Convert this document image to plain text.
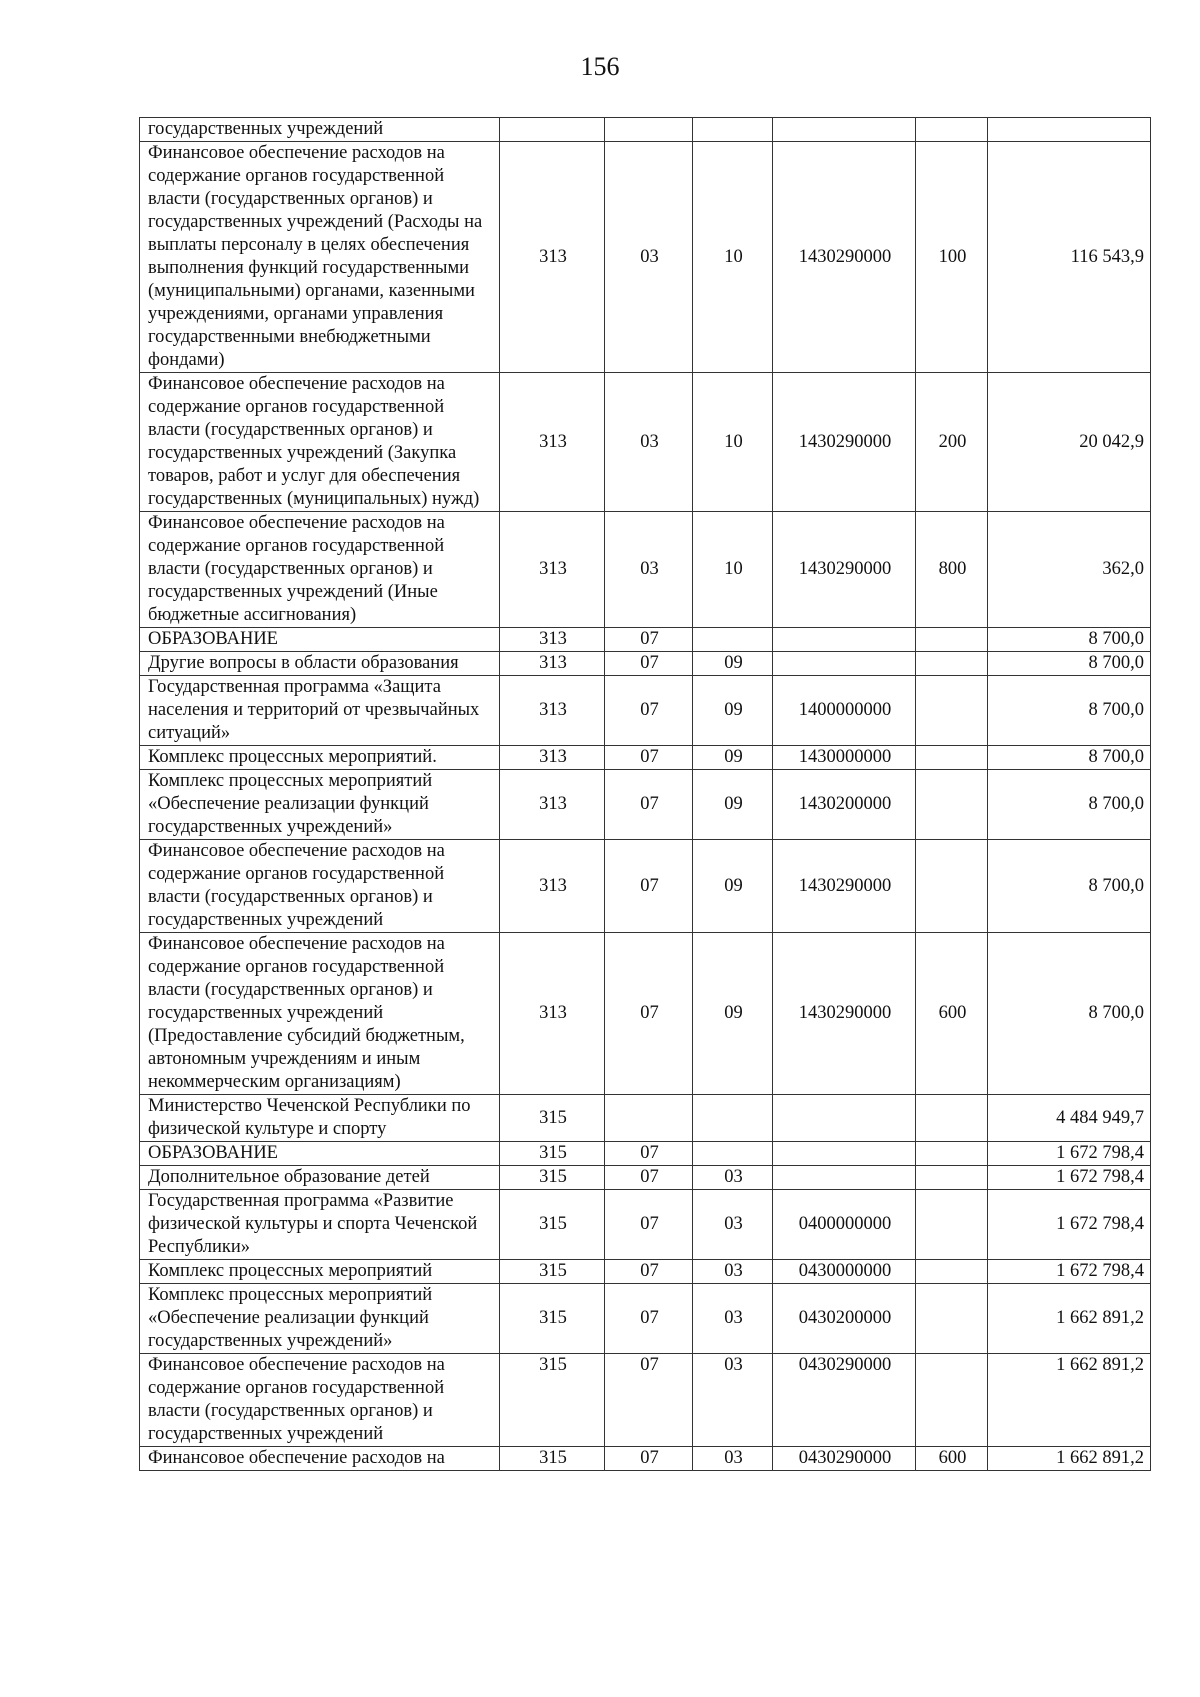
156
государственных учреждений						
Финансовое обеспечение расходов на содержание органов государственной власти (государственных органов) и государственных учреждений (Расходы на выплаты персоналу в целях обеспечения выполнения функций государственными (муниципальными) органами, казенными учреждениями, органами управления государственными внебюджетными фондами)	313	03	10	1430290000	100	116 543,9
Финансовое обеспечение расходов на содержание органов государственной власти (государственных органов) и государственных учреждений (Закупка товаров, работ и услуг для обеспечения государственных (муниципальных) нужд)	313	03	10	1430290000	200	20 042,9
Финансовое обеспечение расходов на содержание органов государственной власти (государственных органов) и государственных учреждений (Иные бюджетные ассигнования)	313	03	10	1430290000	800	362,0
ОБРАЗОВАНИЕ	313	07				8 700,0
Другие вопросы в области образования	313	07	09			8 700,0
Государственная программа «Защита населения и территорий от чрезвычайных ситуаций»	313	07	09	1400000000		8 700,0
Комплекс процессных мероприятий.	313	07	09	1430000000		8 700,0
Комплекс процессных мероприятий «Обеспечение реализации функций государственных учреждений»	313	07	09	1430200000		8 700,0
Финансовое обеспечение расходов на содержание органов государственной власти (государственных органов) и государственных учреждений	313	07	09	1430290000		8 700,0
Финансовое обеспечение расходов на содержание органов государственной власти (государственных органов) и государственных учреждений (Предоставление субсидий бюджетным, автономным учреждениям и иным некоммерческим организациям)	313	07	09	1430290000	600	8 700,0
Министерство Чеченской Республики по физической культуре и спорту	315					4 484 949,7
ОБРАЗОВАНИЕ	315	07				1 672 798,4
Дополнительное образование детей	315	07	03			1 672 798,4
Государственная программа «Развитие физической культуры и спорта Чеченской Республики»	315	07	03	0400000000		1 672 798,4
Комплекс процессных мероприятий	315	07	03	0430000000		1 672 798,4
Комплекс процессных мероприятий «Обеспечение реализации функций государственных учреждений»	315	07	03	0430200000		1 662 891,2
Финансовое обеспечение расходов на содержание органов государственной власти (государственных органов) и государственных учреждений	315	07	03	0430290000		1 662 891,2
Финансовое обеспечение расходов на	315	07	03	0430290000	600	1 662 891,2
